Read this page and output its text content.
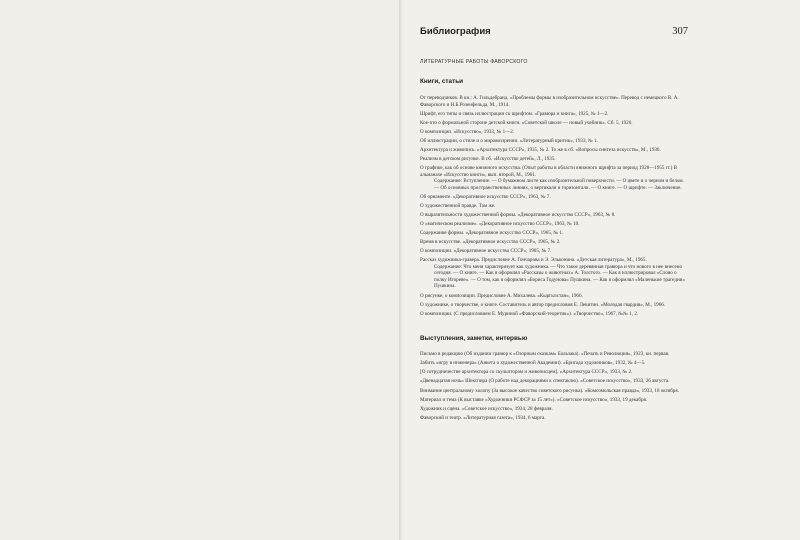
Библиография	307
ЛИТЕРАТУРНЫЕ РАБОТЫ ФАВОРСКОГО
Книги, статьи
От переводчиков. В кн.: А. Гильдебранд. «Проблемы формы в изобразительном искусстве». Перевод с немецкого В. А. Фаворского и Н.Б.Розенфельда, М., 1914.
Шрифт, его типы и связь иллюстрации со шрифтом. «Гравюра и книга», 1925, № 1—2.
Кое-что о формальной стороне детской книги. «Советской школе — новый учебник». Сб. 5, 1926.
О композиции. «Искусство», 1933, № 1—2.
Об иллюстрации, о стиле и о мировоззрении. «Литературный критик», 1933, № 1.
Архитектура и живопись. «Архитектура СССР», 1935, № 2. То же в сб. «Вопросы синтеза искусств», М., 1936.
Реализм в детском рисунке. В сб. «Искусство детей», Л., 1935.
О графике, как об основе книжного искусства. (Опыт работы в области книжного шрифта за период 1928—1955 гг.) В альманахе «Искусство книги», вып. второй, М., 1961.
Содержание: Вступление. — О бумажном листе как изобразительной поверхности. — О цвете и о черном и белом. — Об основных пространственных линиях, о вертикали и горизонтали. — О книге. — О шрифте. — Заключение.
Об орнаменте. «Декоративное искусство СССР», 1963, № 7.
О художественной правде. Там же.
О выразительности художественной формы. «Декоративное искусство СССР», 1963, № 8.
О «магическом реализме». «Декоративное искусство СССР», 1963, № 10.
Содержание формы. «Декоративное искусство СССР», 1965, № 1.
Время в искусстве. «Декоративное искусство СССР», 1965, № 2.
О композиции. «Декоративное искусство СССР», 1965, № 7.
Рассказ художника-гравера. Предисловие А. Гончарова и Э. Эльконина. «Детская литература», М., 1965.
Содержание: Что меня характеризует как художника. — Что такое деревянная гравюра и что нового в нее внесено сегодня. — О книге. — Как я оформлял «Рассказы о животных» А. Толстого. — Как я иллюстрировал «Слово о полку Игореве». — О том, как я оформлял «Бориса Годунова» Пушкина. — Как я оформлял «Маленькие трагедии» Пушкина.
О рисунке, о композиции. Предисловие А. Михалева. «Кыргызстан», 1966.
О художнике, о творчестве, о книге. Составитель и автор предисловия Е. Левитин. «Молодая гвардия», М., 1966.
О композиции. (С предисловием Е. Муриной «Фаворский-теоретик»). «Творчество», 1967, №№ 1, 2.
Выступления, заметки, интервью
Письмо в редакцию (Об издании гравюр к «Озорным сказкам» Бальзака). «Печать и Революция», 1923, кн. первая.
Забить «игру в инженера» (Анкета о художественной Академии). «Бригада художников», 1932, № 4—5.
[О сотрудничестве архитектора со скульптором и живописцем]. «Архитектура СССР», 1933, № 2.
«Двенадцатая ночь» Шекспира (О работе над декорациями к спектаклю). «Советское искусство», 1933, 26 августа.
Внимание центральному холопу (За высокое качество советского рисунка). «Комсомольская правда», 1933, 18 октября.
Материал и тема (К выставке «Художники РСФСР за 15 лет»). «Советское искусство», 1933, 19 декабря.
Художник и сцена. «Советское искусство», 1934, 28 февраля.
Фаворский и театр. «Литературная газета», 1934, 6 марта.
